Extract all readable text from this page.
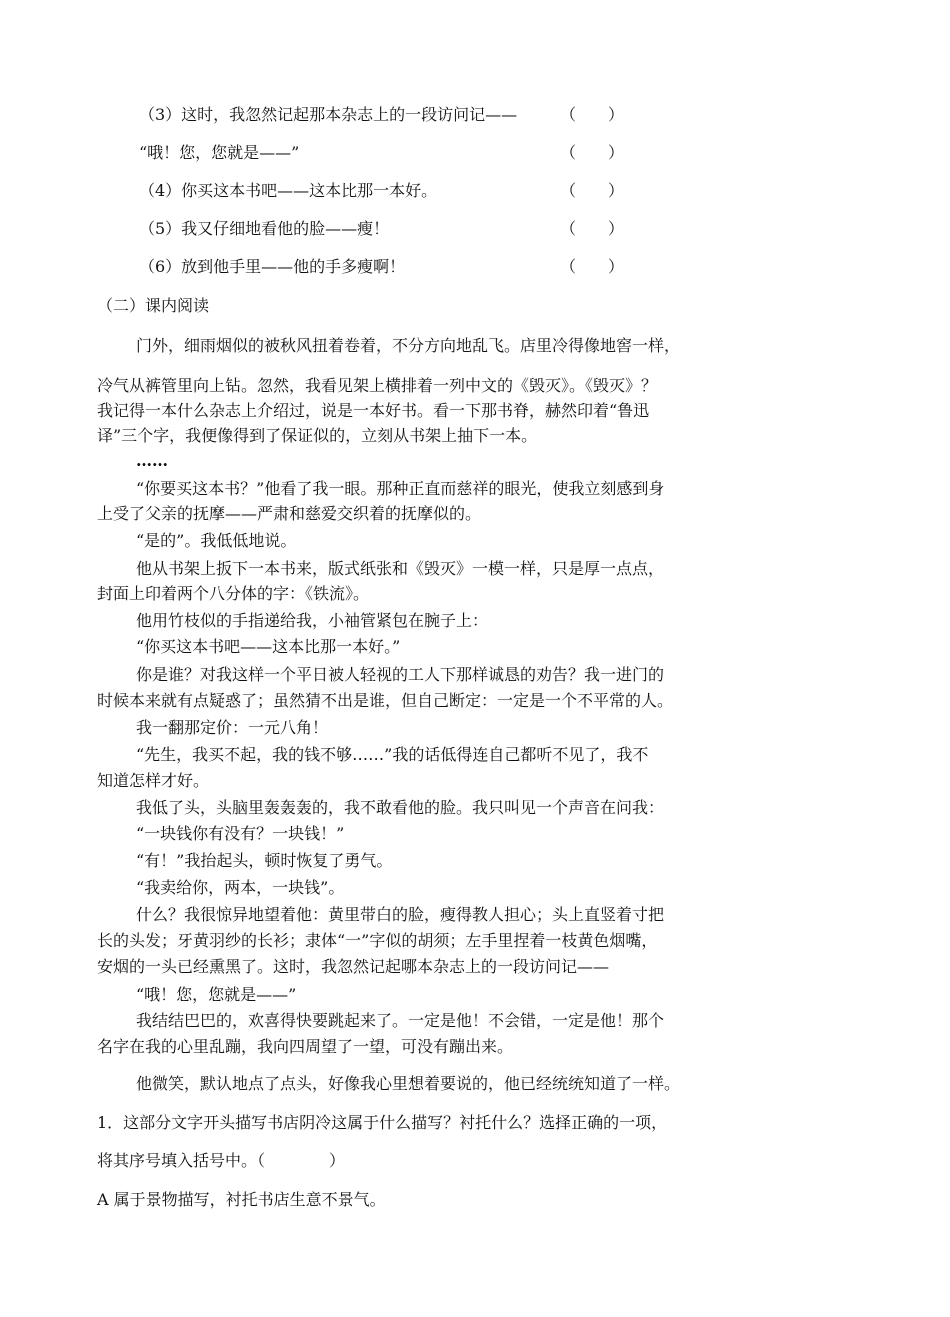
（3）这时，我忽然记起那本杂志上的一段访问记——	（　　）
“哦！您，您就是——”	（　　）
（4）你买这本书吧——这本比那一本好。	（　　）
（5）我又仔细地看他的脸——瘦！	（　　）
（6）放到他手里——他的手多瘦啊！	（　　）
（二）课内阅读
门外，细雨烟似的被秋风扭着卷着，不分方向地乱飞。店里冷得像地窖一样，
冷气从裤管里向上钻。忽然，我看见架上横排着一列中文的《毁灭》。《毁灭》？
我记得一本什么杂志上介绍过，说是一本好书。看一下那书脊，赫然印着“鲁迅
译”三个字，我便像得到了保证似的，立刻从书架上抽下一本。
……
“你要买这本书？”他看了我一眼。那种正直而慈祥的眼光，使我立刻感到身
上受了父亲的抚摩——严肃和慈爱交织着的抚摩似的。
“是的”。我低低地说。
他从书架上扳下一本书来，版式纸张和《毁灭》一模一样，只是厚一点点，
封面上印着两个八分体的字：《铁流》。
他用竹枝似的手指递给我，小袖管紧包在腕子上：
“你买这本书吧——这本比那一本好。”
你是谁？对我这样一个平日被人轻视的工人下那样诚恳的劝告？我一进门的
时候本来就有点疑惑了；虽然猜不出是谁，但自己断定：一定是一个不平常的人。
我一翻那定价：一元八角！
“先生，我买不起，我的钱不够……”我的话低得连自己都听不见了，我不
知道怎样才好。
我低了头，头脑里轰轰轰的，我不敢看他的脸。我只叫见一个声音在问我：
“一块钱你有没有？一块钱！”
“有！”我抬起头，顿时恢复了勇气。
“我卖给你，两本，一块钱”。
什么？我很惊异地望着他：黄里带白的脸，瘦得教人担心；头上直竖着寸把
长的头发；牙黄羽纱的长衫；隶体“一”字似的胡须；左手里捏着一枝黄色烟嘴，
安烟的一头已经熏黑了。这时，我忽然记起哪本杂志上的一段访问记——
“哦！您，您就是——”
我结结巴巴的，欢喜得快要跳起来了。一定是他！不会错，一定是他！那个
名字在我的心里乱蹦，我向四周望了一望，可没有蹦出来。
他微笑，默认地点了点头，好像我心里想着要说的，他已经统统知道了一样。
1．这部分文字开头描写书店阴冷这属于什么描写？衬托什么？选择正确的一项，
将其序号填入括号中。（　　　　）
A 属于景物描写，衬托书店生意不景气。
